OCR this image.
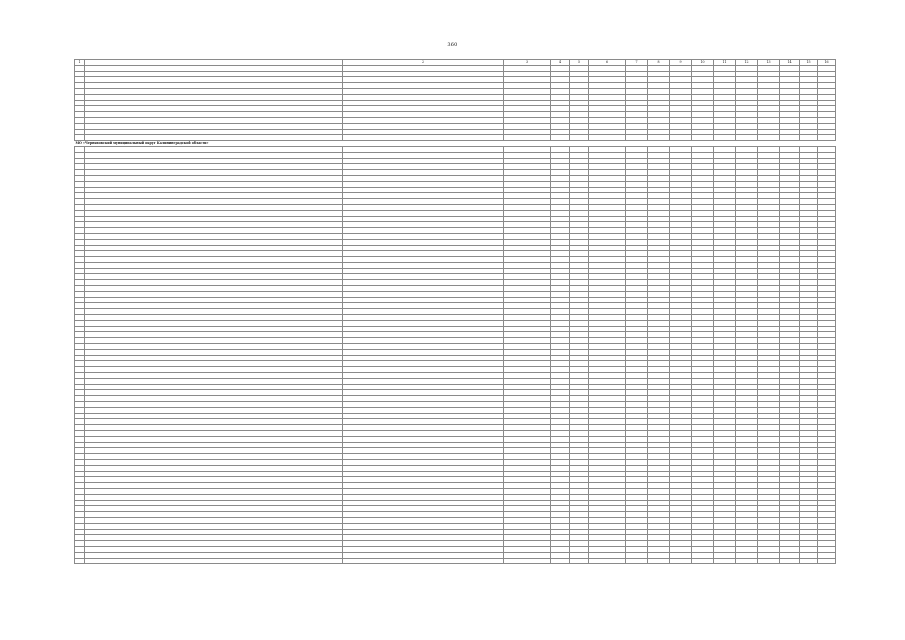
360
1		2	3	4	5	6	7	8	9	10	11	12	13	14	15	16

МО «Черняховский муниципальный округ Калининградской области»																
